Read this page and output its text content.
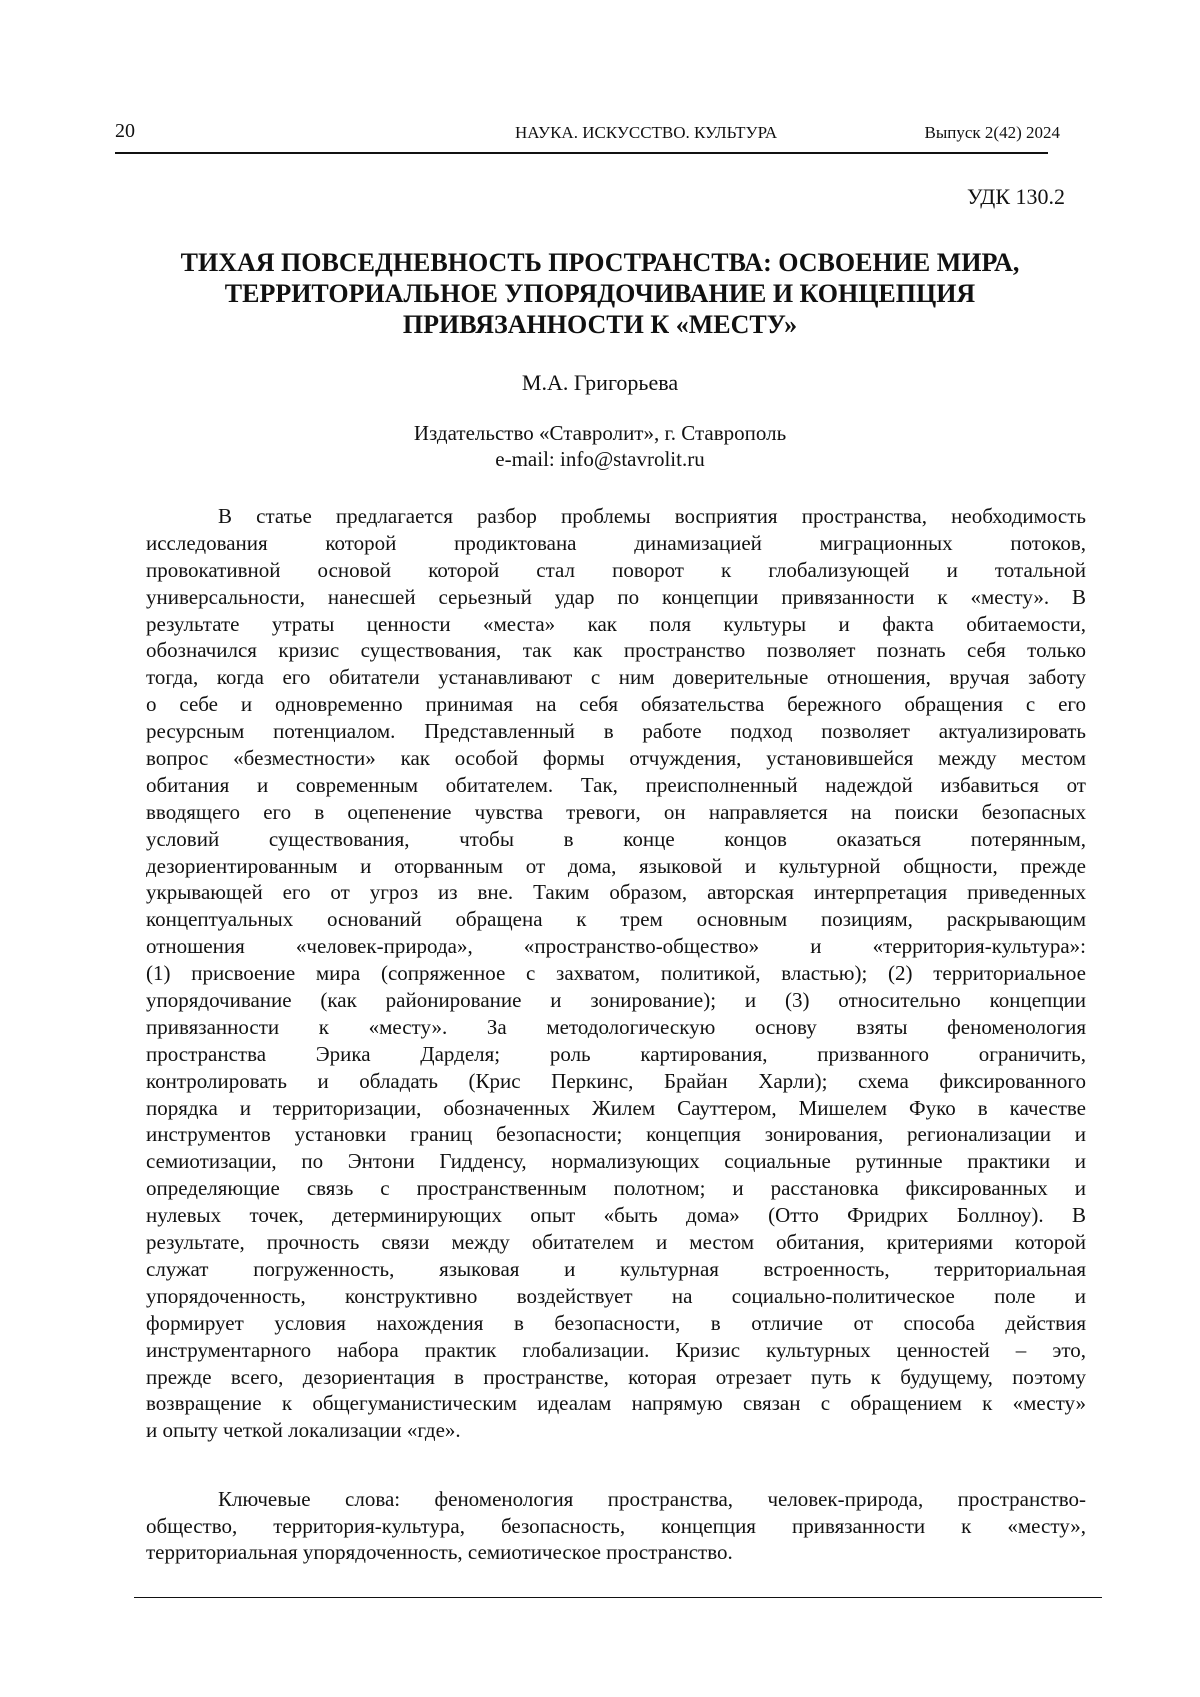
20	НАУКА. ИСКУССТВО. КУЛЬТУРА	Выпуск 2(42) 2024
УДК 130.2
ТИХАЯ ПОВСЕДНЕВНОСТЬ ПРОСТРАНСТВА: ОСВОЕНИЕ МИРА,
ТЕРРИТОРИАЛЬНОЕ УПОРЯДОЧИВАНИЕ И КОНЦЕПЦИЯ
ПРИВЯЗАННОСТИ К «МЕСТУ»
М.А. Григорьева
Издательство «Ставролит», г. Ставрополь
e-mail: info@stavrolit.ru
В статье предлагается разбор проблемы восприятия пространства, необходимость
исследования которой продиктована динамизацией миграционных потоков,
провокативной основой которой стал поворот к глобализующей и тотальной
универсальности, нанесшей серьезный удар по концепции привязанности к «месту». В
результате утраты ценности «места» как поля культуры и факта обитаемости,
обозначился кризис существования, так как пространство позволяет познать себя только
тогда, когда его обитатели устанавливают с ним доверительные отношения, вручая заботу
о себе и одновременно принимая на себя обязательства бережного обращения с его
ресурсным потенциалом. Представленный в работе подход позволяет актуализировать
вопрос «безместности» как особой формы отчуждения, установившейся между местом
обитания и современным обитателем. Так, преисполненный надеждой избавиться от
вводящего его в оцепенение чувства тревоги, он направляется на поиски безопасных
условий существования, чтобы в конце концов оказаться потерянным,
дезориентированным и оторванным от дома, языковой и культурной общности, прежде
укрывающей его от угроз из вне. Таким образом, авторская интерпретация приведенных
концептуальных оснований обращена к трем основным позициям, раскрывающим
отношения «человек-природа», «пространство-общество» и «территория-культура»:
(1) присвоение мира (сопряженное с захватом, политикой, властью); (2) территориальное
упорядочивание (как районирование и зонирование); и (3) относительно концепции
привязанности к «месту». За методологическую основу взяты феноменология
пространства Эрика Дарделя; роль картирования, призванного ограничить,
контролировать и обладать (Крис Перкинс, Брайан Харли); схема фиксированного
порядка и территоризации, обозначенных Жилем Сауттером, Мишелем Фуко в качестве
инструментов установки границ безопасности; концепция зонирования, регионализации и
семиотизации, по Энтони Гидденсу, нормализующих социальные рутинные практики и
определяющие связь с пространственным полотном; и расстановка фиксированных и
нулевых точек, детерминирующих опыт «быть дома» (Отто Фридрих Боллноу). В
результате, прочность связи между обитателем и местом обитания, критериями которой
служат погруженность, языковая и культурная встроенность, территориальная
упорядоченность, конструктивно воздействует на социально-политическое поле и
формирует условия нахождения в безопасности, в отличие от способа действия
инструментарного набора практик глобализации. Кризис культурных ценностей – это,
прежде всего, дезориентация в пространстве, которая отрезает путь к будущему, поэтому
возвращение к общегуманистическим идеалам напрямую связан с обращением к «месту»
и опыту четкой локализации «где».
Ключевые слова: феноменология пространства, человек-природа, пространство-
общество, территория-культура, безопасность, концепция привязанности к «месту»,
территориальная упорядоченность, семиотическое пространство.
